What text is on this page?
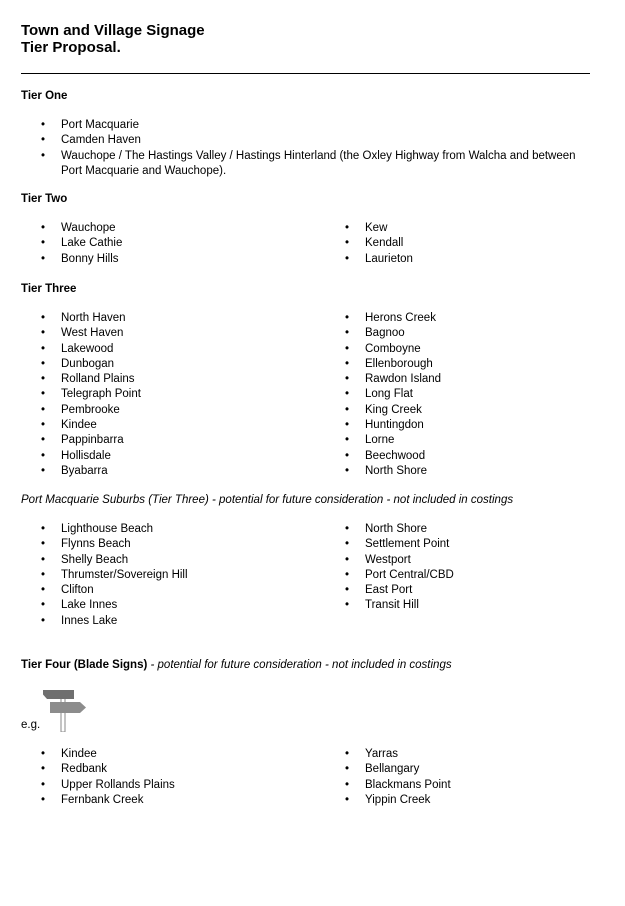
Town and Village Signage
Tier Proposal.
Tier One
• Port Macquarie
• Camden Haven
• Wauchope / The Hastings Valley / Hastings Hinterland (the Oxley Highway from Walcha and between Port Macquarie and Wauchope).
Tier Two
• Wauchope
• Lake Cathie
• Bonny Hills
• Kew
• Kendall
• Laurieton
Tier Three
• North Haven
• West Haven
• Lakewood
• Dunbogan
• Rolland Plains
• Telegraph Point
• Pembrooke
• Kindee
• Pappinbarra
• Hollisdale
• Byabarra
• Herons Creek
• Bagnoo
• Comboyne
• Ellenborough
• Rawdon Island
• Long Flat
• King Creek
• Huntingdon
• Lorne
• Beechwood
• North Shore

Port Macquarie Suburbs (Tier Three) - potential for future consideration - not included in costings

• Lighthouse Beach
• Flynns Beach
• Shelly Beach
• Thrumster/Sovereign Hill
• Clifton
• Lake Innes
• Innes Lake
• North Shore
• Settlement Point
• Westport
• Port Central/CBD
• East Port
• Transit Hill

Tier Four (Blade Signs) - potential for future consideration - not included in costings

e.g.
• Kindee
• Redbank
• Upper Rollands Plains
• Fernbank Creek
• Yarras
• Bellangary
• Blackmans Point
• Yippin Creek
